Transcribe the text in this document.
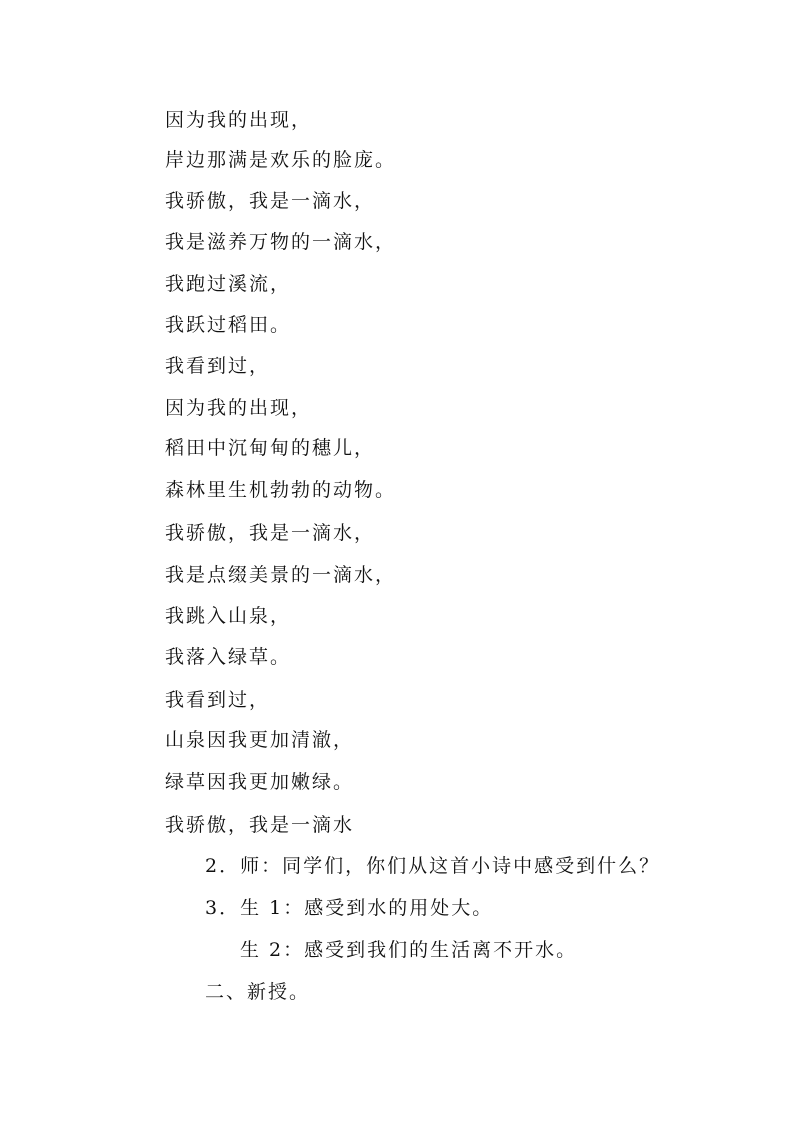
因为我的出现，
岸边那满是欢乐的脸庞。
我骄傲，我是一滴水，
我是滋养万物的一滴水，
我跑过溪流，
我跃过稻田。
我看到过，
因为我的出现，
稻田中沉甸甸的穗儿，
森林里生机勃勃的动物。
我骄傲，我是一滴水，
我是点缀美景的一滴水，
我跳入山泉，
我落入绿草。
我看到过，
山泉因我更加清澈，
绿草因我更加嫩绿。
我骄傲，我是一滴水
2．师：同学们，你们从这首小诗中感受到什么？
3．生 1：感受到水的用处大。
生 2：感受到我们的生活离不开水。
二、新授。
